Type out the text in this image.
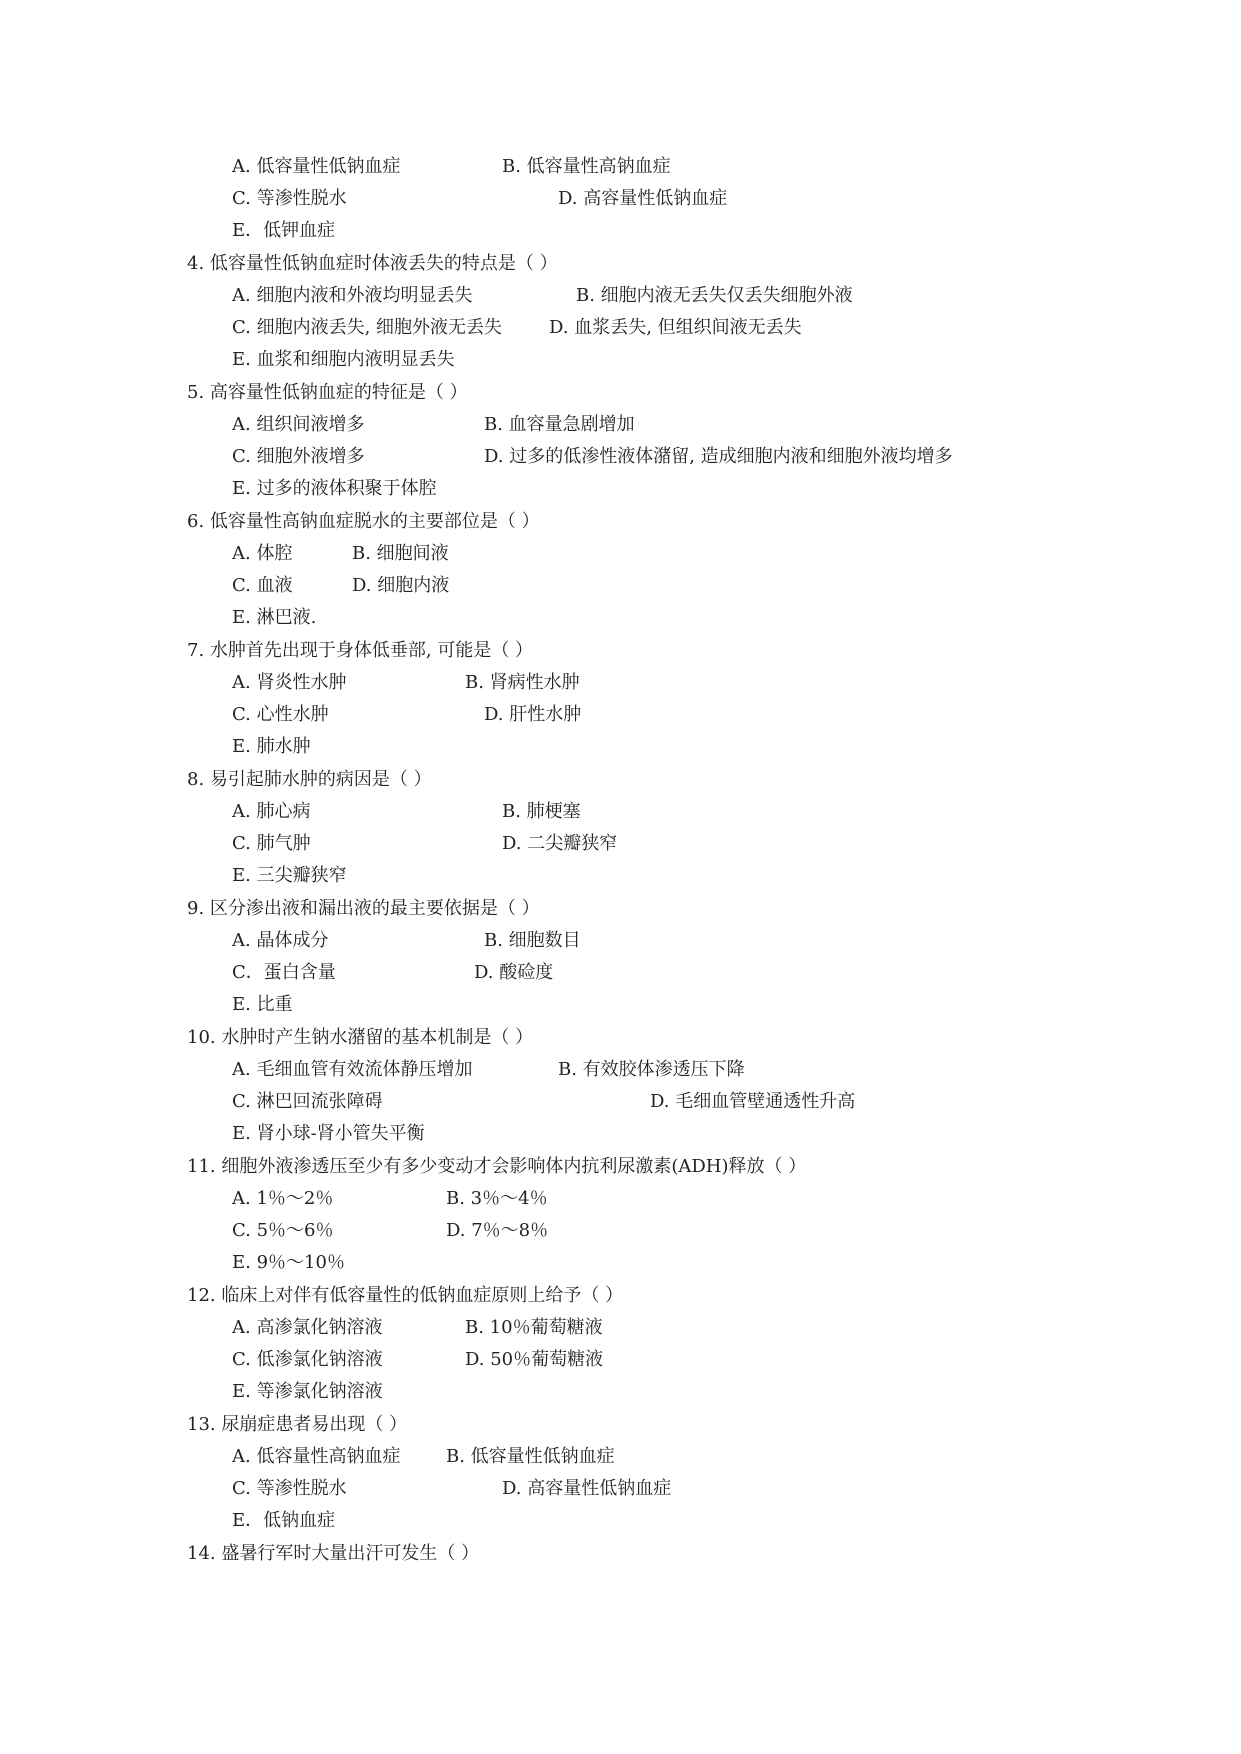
A. 低容量性低钠血症	B. 低容量性高钠血症
C. 等渗性脱水	D. 高容量性低钠血症
E．低钾血症
4. 低容量性低钠血症时体液丢失的特点是（ ）
A. 细胞内液和外液均明显丢失	B. 细胞内液无丢失仅丢失细胞外液
C. 细胞内液丢失, 细胞外液无丢失	D. 血浆丢失, 但组织间液无丢失
E. 血浆和细胞内液明显丢失
5. 高容量性低钠血症的特征是（ ）
A. 组织间液增多	B. 血容量急剧增加
C. 细胞外液增多	D. 过多的低渗性液体潴留, 造成细胞内液和细胞外液均增多
E. 过多的液体积聚于体腔
6. 低容量性高钠血症脱水的主要部位是（ ）
A. 体腔	B. 细胞间液
C. 血液	D. 细胞内液
E. 淋巴液.
7. 水肿首先出现于身体低垂部, 可能是（ ）
A. 肾炎性水肿	B. 肾病性水肿
C. 心性水肿	D. 肝性水肿
E. 肺水肿
8. 易引起肺水肿的病因是（ ）
A. 肺心病	B. 肺梗塞
C. 肺气肿	D. 二尖瓣狭窄
E. 三尖瓣狭窄
9. 区分渗出液和漏出液的最主要依据是（ ）
A. 晶体成分	B. 细胞数目
C．蛋白含量	D. 酸硷度
E. 比重
10. 水肿时产生钠水潴留的基本机制是（ ）
A. 毛细血管有效流体静压增加	B. 有效胶体渗透压下降
C. 淋巴回流张障碍	D. 毛细血管壁通透性升高
E. 肾小球-肾小管失平衡
11. 细胞外液渗透压至少有多少变动才会影响体内抗利尿激素(ADH)释放（ ）
A. 1％～2％	B. 3％～4％
C. 5％～6％	D. 7％～8％
E. 9％～10％
12. 临床上对伴有低容量性的低钠血症原则上给予（ ）
A. 高渗氯化钠溶液	B. 10％葡萄糖液
C. 低渗氯化钠溶液	D. 50％葡萄糖液
E. 等渗氯化钠溶液
13. 尿崩症患者易出现（ ）
A. 低容量性高钠血症	B. 低容量性低钠血症
C. 等渗性脱水	D. 高容量性低钠血症
E．低钠血症
14. 盛暑行军时大量出汗可发生（ ）
